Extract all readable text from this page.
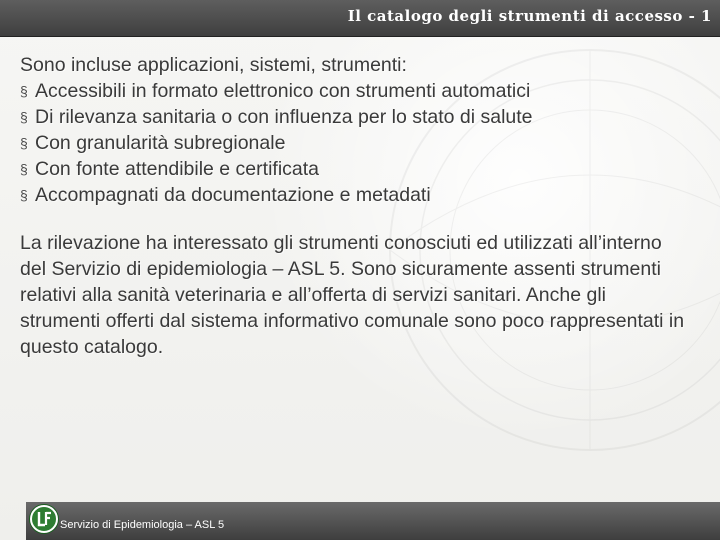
Il catalogo degli strumenti di accesso - 1

Sono incluse applicazioni, sistemi, strumenti:

§ Accessibili in formato elettronico con strumenti automatici
§ Di rilevanza sanitaria o con influenza per lo stato di salute
§ Con granularità subregionale
§ Con fonte attendibile e certificata
§ Accompagnati da documentazione e metadati

La rilevazione ha interessato gli strumenti conosciuti ed utilizzati all’interno del Servizio di epidemiologia – ASL 5. Sono sicuramente assenti strumenti relativi alla sanità veterinaria e all’offerta di servizi sanitari. Anche gli strumenti offerti dal sistema informativo comunale sono poco rappresentati in questo catalogo.

Servizio di Epidemiologia – ASL 5
